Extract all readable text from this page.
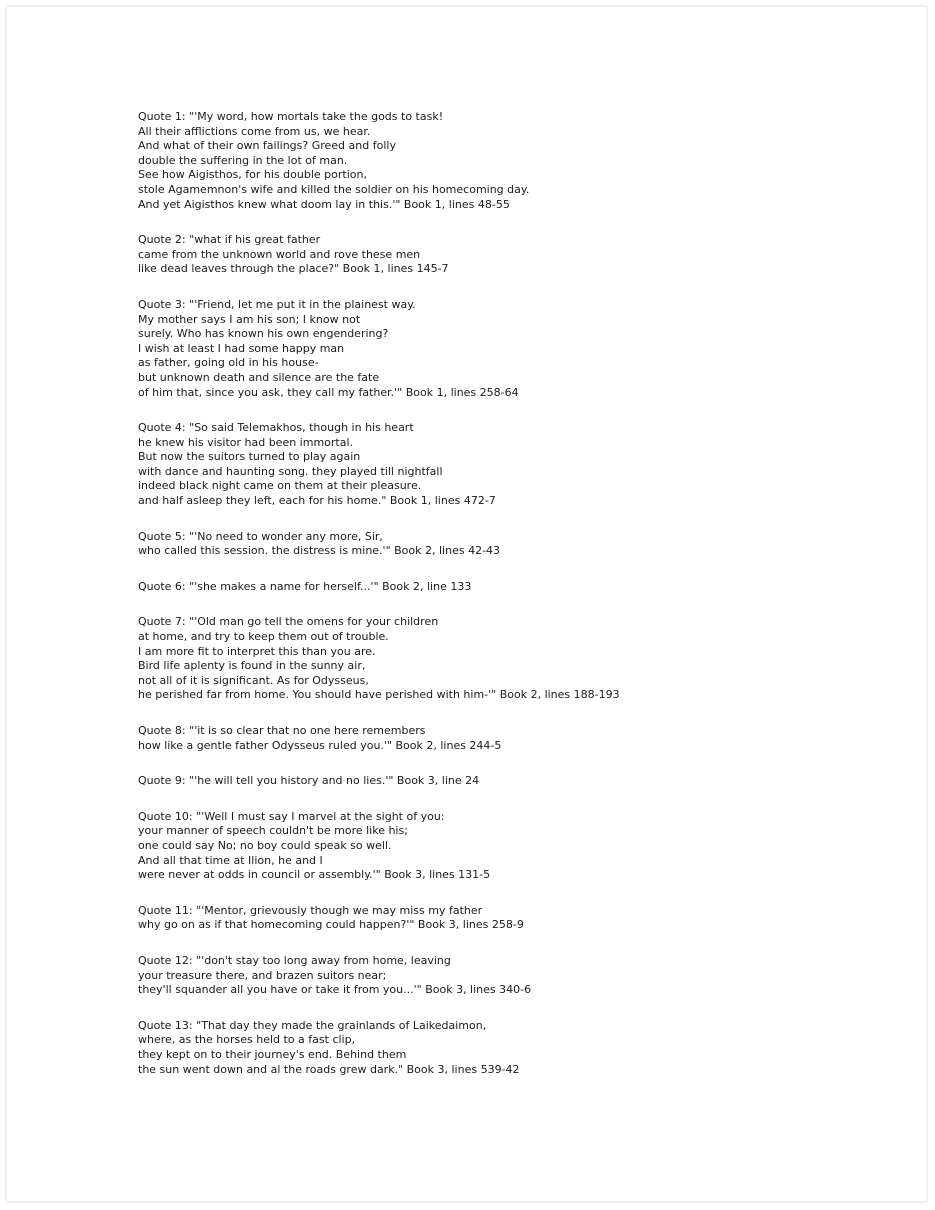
Quote 1: "'My word, how mortals take the gods to task!
All their afflictions come from us, we hear.
And what of their own failings? Greed and folly
double the suffering in the lot of man.
See how Aigisthos, for his double portion,
stole Agamemnon's wife and killed the soldier on his homecoming day.
And yet Aigisthos knew what doom lay in this.'" Book 1, lines 48-55
Quote 2: "what if his great father
came from the unknown world and rove these men
like dead leaves through the place?" Book 1, lines 145-7
Quote 3: "'Friend, let me put it in the plainest way.
My mother says I am his son; I know not
surely. Who has known his own engendering?
I wish at least I had some happy man
as father, going old in his house-
but unknown death and silence are the fate
of him that, since you ask, they call my father.'" Book 1, lines 258-64
Quote 4: "So said Telemakhos, though in his heart
he knew his visitor had been immortal.
But now the suitors turned to play again
with dance and haunting song. they played till nightfall
indeed black night came on them at their pleasure.
and half asleep they left, each for his home." Book 1, lines 472-7
Quote 5: "'No need to wonder any more, Sir,
who called this session. the distress is mine.'" Book 2, lines 42-43
Quote 6: "'she makes a name for herself...'" Book 2, line 133
Quote 7: "'Old man go tell the omens for your children
at home, and try to keep them out of trouble.
I am more fit to interpret this than you are.
Bird life aplenty is found in the sunny air,
not all of it is significant. As for Odysseus,
he perished far from home. You should have perished with him-'" Book 2, lines 188-193
Quote 8: "'it is so clear that no one here remembers
how like a gentle father Odysseus ruled you.'" Book 2, lines 244-5
Quote 9: "'he will tell you history and no lies.'" Book 3, line 24
Quote 10: "'Well I must say I marvel at the sight of you:
your manner of speech couldn't be more like his;
one could say No; no boy could speak so well.
And all that time at Ilion, he and I
were never at odds in council or assembly.'" Book 3, lines 131-5
Quote 11: "'Mentor, grievously though we may miss my father
why go on as if that homecoming could happen?'" Book 3, lines 258-9
Quote 12: "'don't stay too long away from home, leaving
your treasure there, and brazen suitors near;
they'll squander all you have or take it from you...'" Book 3, lines 340-6
Quote 13: "That day they made the grainlands of Laikedaimon,
where, as the horses held to a fast clip,
they kept on to their journey's end. Behind them
the sun went down and al the roads grew dark." Book 3, lines 539-42
